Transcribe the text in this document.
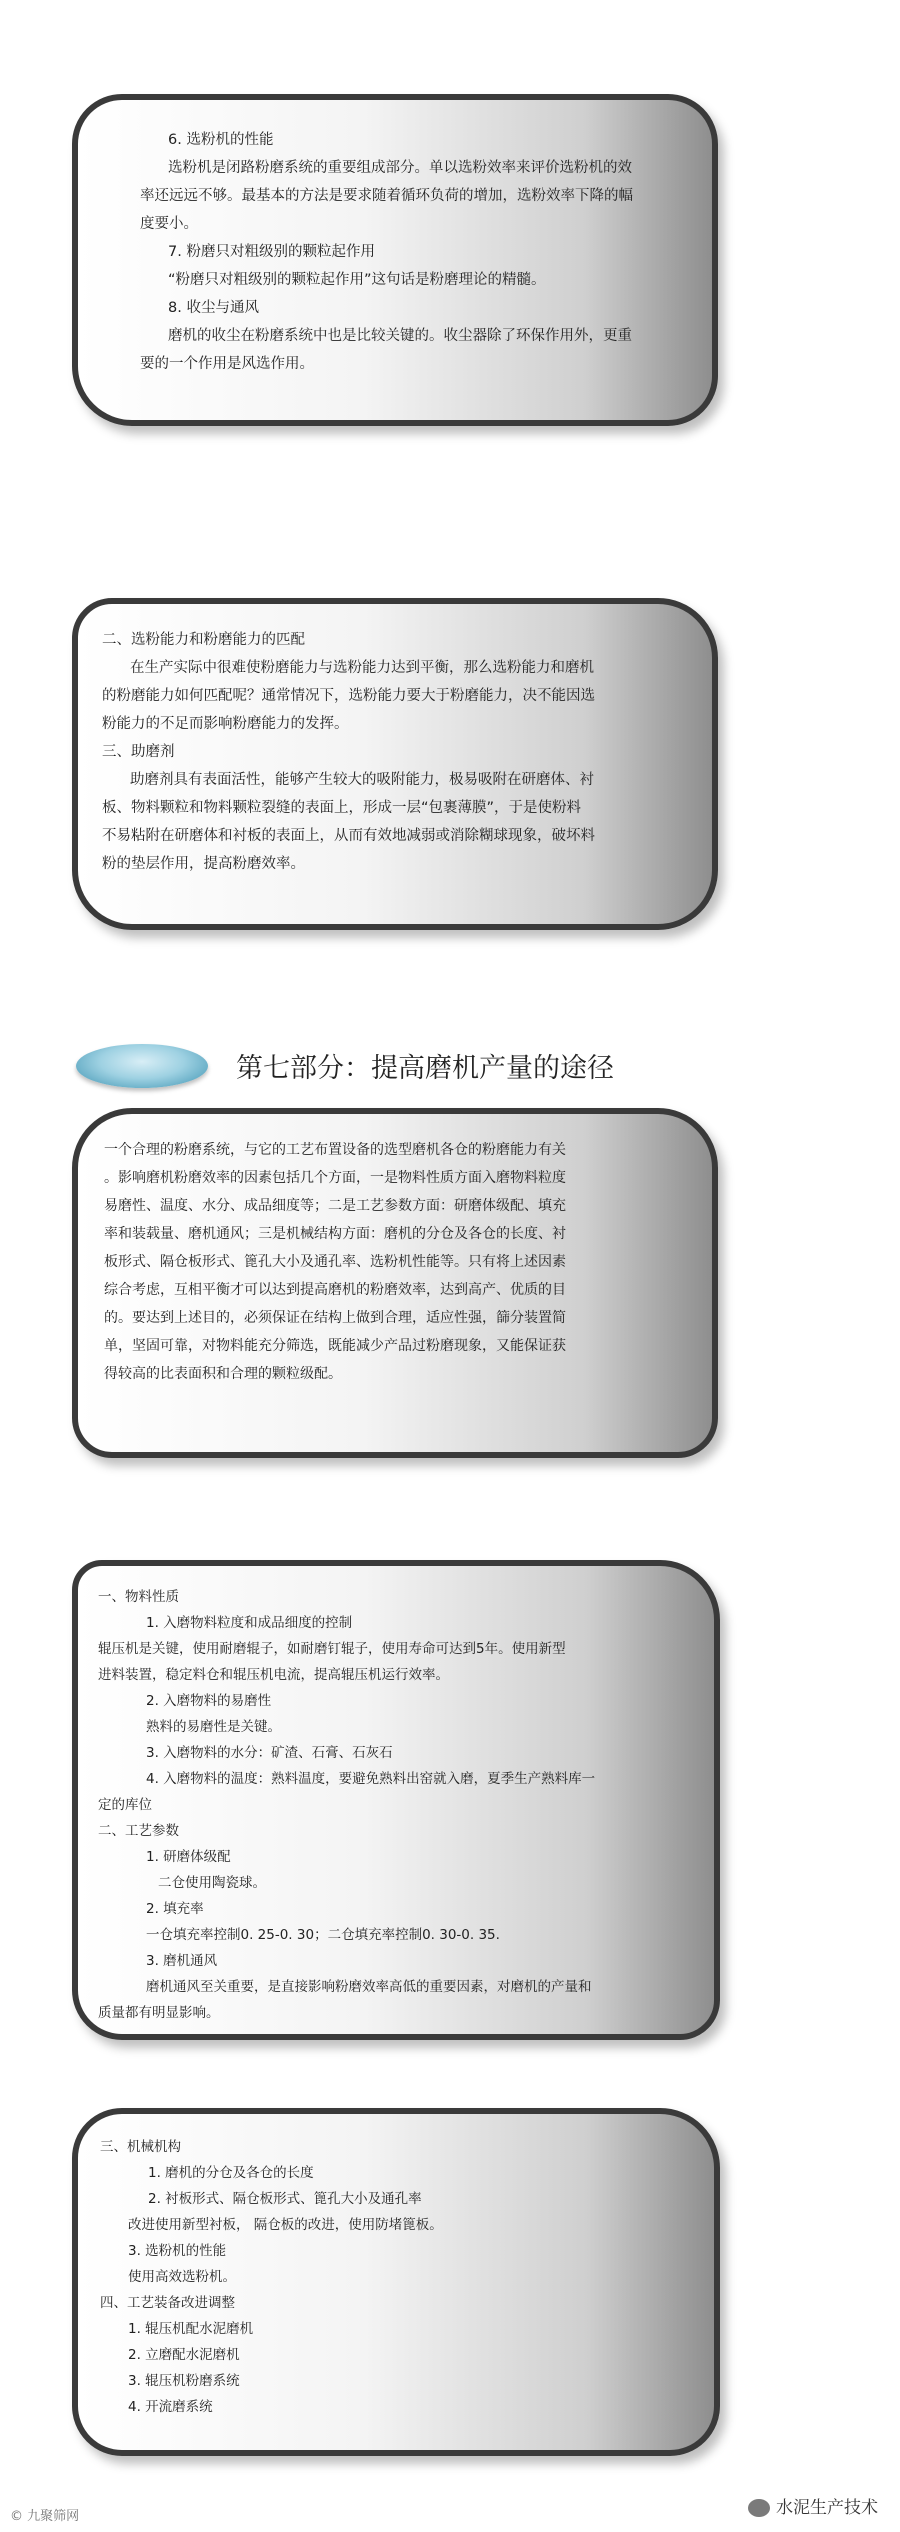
6. 选粉机的性能

选粉机是闭路粉磨系统的重要组成部分。单以选粉效率来评价选粉机的效

率还远远不够。最基本的方法是要求随着循环负荷的增加，选粉效率下降的幅

度要小。

7. 粉磨只对粗级别的颗粒起作用

“粉磨只对粗级别的颗粒起作用”这句话是粉磨理论的精髓。

8. 收尘与通风

磨机的收尘在粉磨系统中也是比较关键的。收尘器除了环保作用外，更重

要的一个作用是风选作用。

二、选粉能力和粉磨能力的匹配

在生产实际中很难使粉磨能力与选粉能力达到平衡，那么选粉能力和磨机

的粉磨能力如何匹配呢？通常情况下，选粉能力要大于粉磨能力，决不能因选

粉能力的不足而影响粉磨能力的发挥。

三、助磨剂

助磨剂具有表面活性，能够产生较大的吸附能力，极易吸附在研磨体、衬

板、物料颗粒和物料颗粒裂缝的表面上，形成一层“包裹薄膜”，于是使粉料

不易粘附在研磨体和衬板的表面上，从而有效地减弱或消除糊球现象，破坏料

粉的垫层作用，提高粉磨效率。

第七部分：提高磨机产量的途径

一个合理的粉磨系统，与它的工艺布置设备的选型磨机各仓的粉磨能力有关

。影响磨机粉磨效率的因素包括几个方面，一是物料性质方面入磨物料粒度

易磨性、温度、水分、成品细度等；二是工艺参数方面：研磨体级配、填充

率和装载量、磨机通风；三是机械结构方面：磨机的分仓及各仓的长度、衬

板形式、隔仓板形式、篦孔大小及通孔率、选粉机性能等。只有将上述因素

综合考虑，互相平衡才可以达到提高磨机的粉磨效率，达到高产、优质的目

的。要达到上述目的，必须保证在结构上做到合理，适应性强，篩分装置简

单，坚固可靠，对物料能充分筛选，既能减少产品过粉磨现象，又能保证获

得较高的比表面积和合理的颗粒级配。

一、物料性质

1. 入磨物料粒度和成品细度的控制

辊压机是关键，使用耐磨辊子，如耐磨钉辊子，使用寿命可达到5年。使用新型

进料装置，稳定料仓和辊压机电流，提高辊压机运行效率。

2. 入磨物料的易磨性

熟料的易磨性是关键。

3. 入磨物料的水分：矿渣、石膏、石灰石

4. 入磨物料的温度：熟料温度，要避免熟料出窑就入磨，夏季生产熟料库一

定的库位

二、工艺参数

1. 研磨体级配

二仓使用陶瓷球。

2. 填充率

一仓填充率控制0. 25-0. 30；二仓填充率控制0. 30-0. 35.

3. 磨机通风

磨机通风至关重要，是直接影响粉磨效率高低的重要因素，对磨机的产量和

质量都有明显影响。

三、机械机构

1. 磨机的分仓及各仓的长度

2. 衬板形式、隔仓板形式、篦孔大小及通孔率

改进使用新型衬板， 隔仓板的改进，使用防堵篦板。

3. 选粉机的性能

使用高效选粉机。

四、工艺装备改进调整

1. 辊压机配水泥磨机

2. 立磨配水泥磨机

3. 辊压机粉磨系统

4. 开流磨系统

水泥生产技术
© 九聚筛网
